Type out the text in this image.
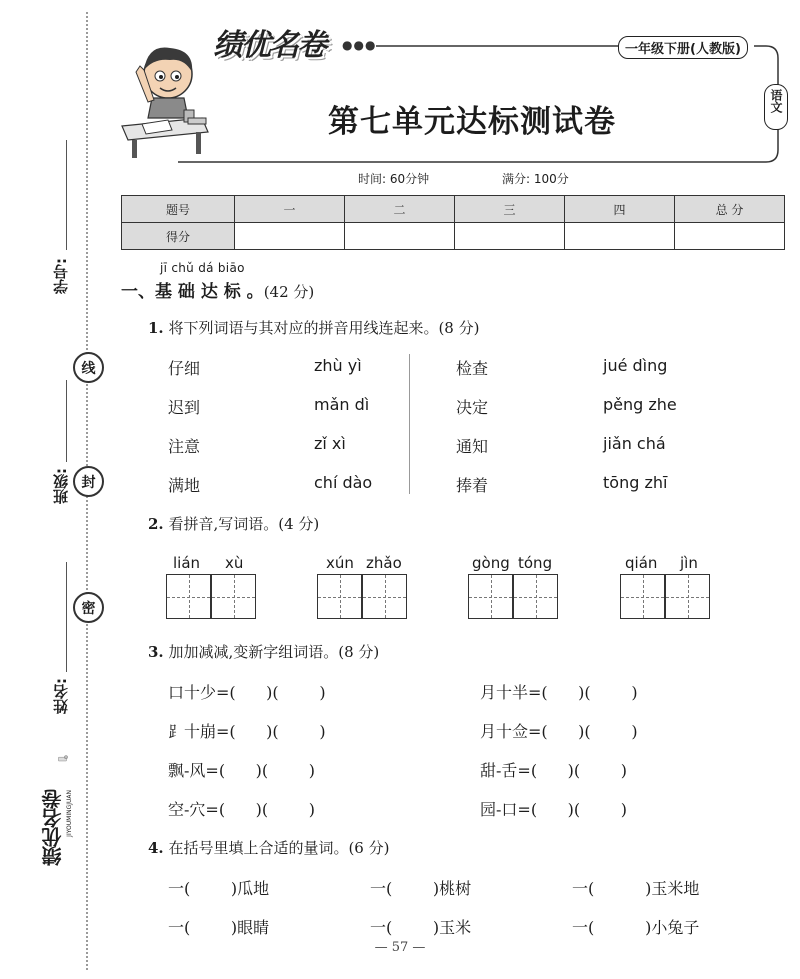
学号:
线
班级: 封
密
姓名:
绩优名卷 JIYOUMINGJUAN
绩优名卷 ●●●	一年级下册(人教版)
语文
第七单元达标测试卷
时间: 60分钟	满分: 100分
题号	一	二	三	四	总 分
得分					
jī chǔ dá biāo
一、基 础 达 标 。(42 分)
1. 将下列词语与其对应的拼音用线连起来。(8 分)
仔细
迟到
注意
满地
zhù yì
mǎn dì
zǐ xì
chí dào
检查
决定
通知
捧着
jué dìng
pěng zhe
jiǎn chá
tōng zhī
2. 看拼音,写词语。(4 分)
lián xù	xún zhǎo	gòng tóng	qián jìn
3. 加加减减,变新字组词语。(8 分)
口十少=(      )(        )
⻊十崩=(      )(        )
飘-风=(      )(        )
空-穴=(      )(        )
月十半=(      )(        )
月十佥=(      )(        )
甜-舌=(      )(        )
园-口=(      )(        )
4. 在括号里填上合适的量词。(6 分)
一(        )瓜地	一(        )桃树	一(          )玉米地
一(        )眼睛	一(        )玉米	一(          )小兔子
— 57 —
